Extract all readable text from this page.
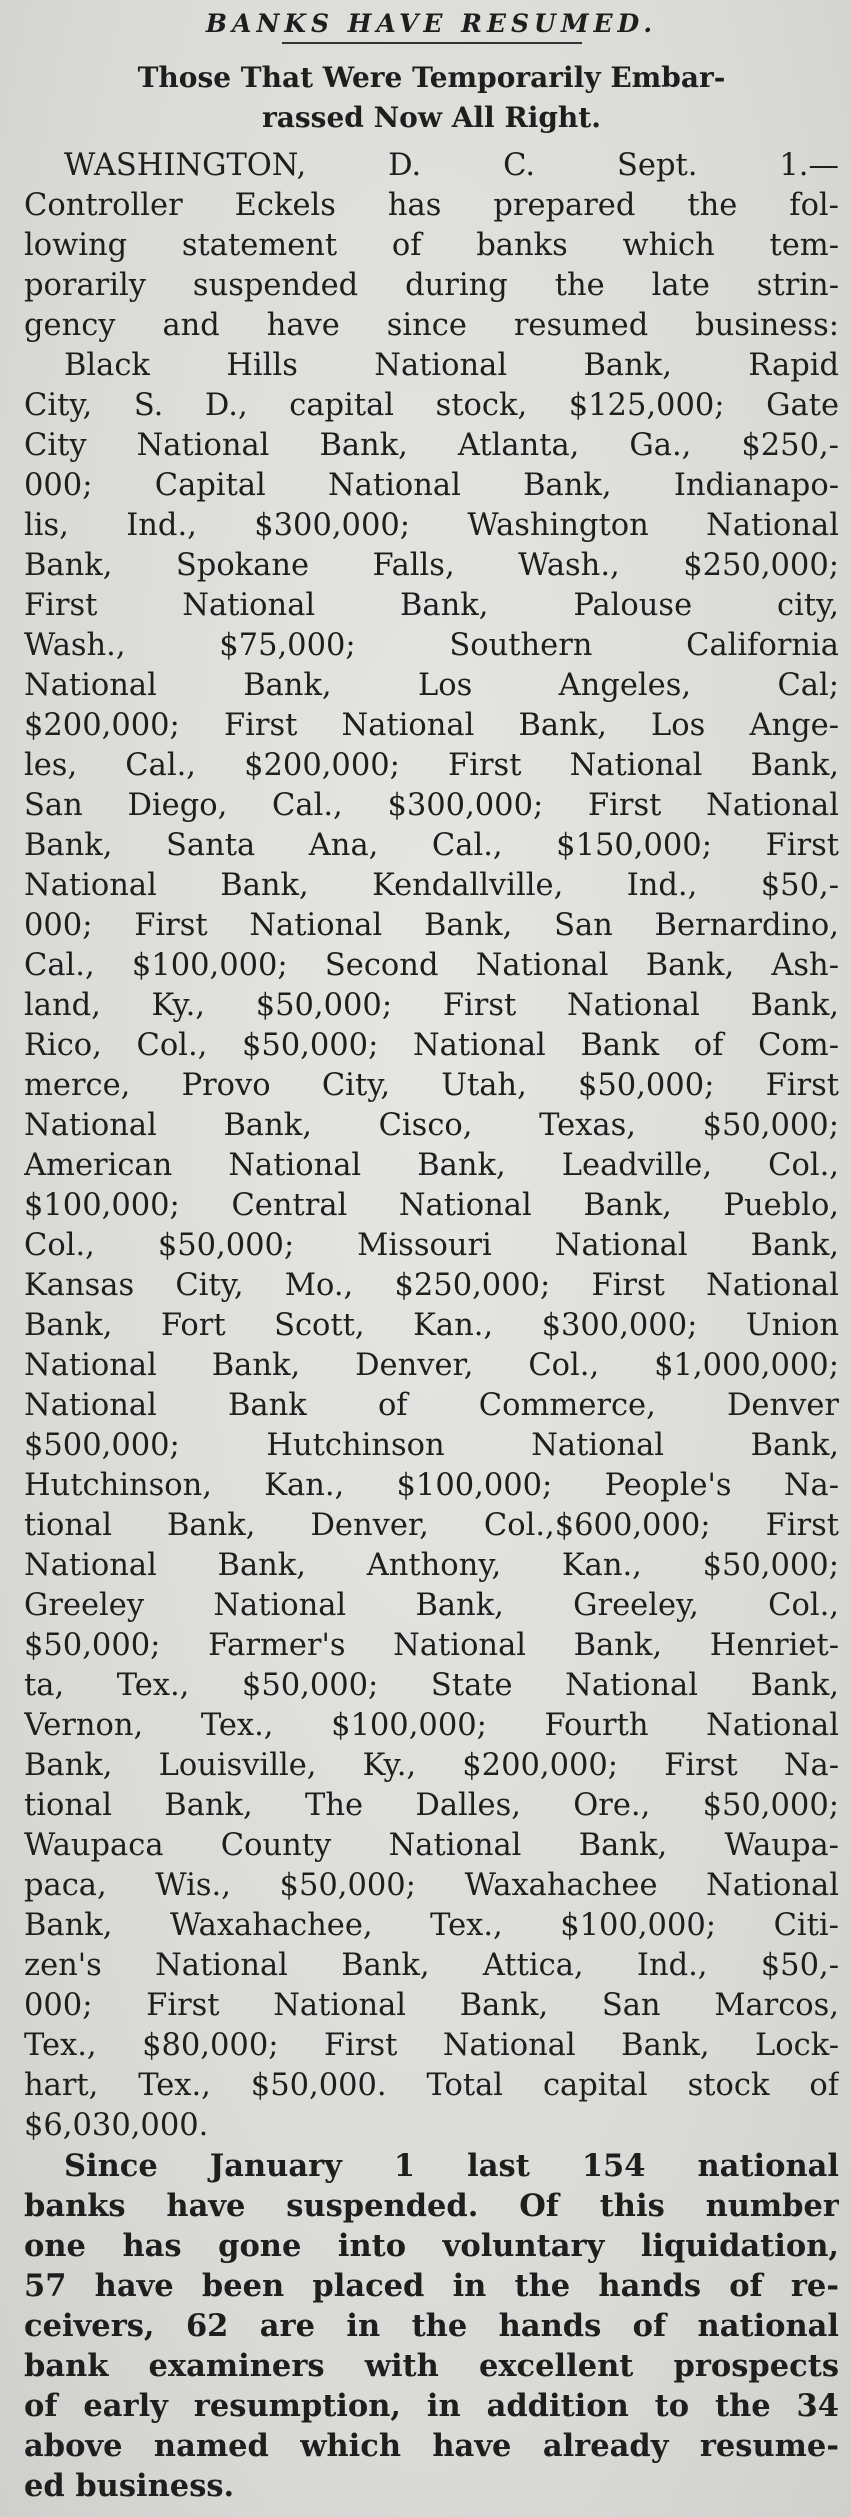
BANKS HAVE RESUMED.
Those That Were Temporarily Embar-
rassed Now All Right.
WASHINGTON, D. C. Sept. 1.—
Controller Eckels has prepared the fol-
lowing statement of banks which tem-
porarily suspended during the late strin-
gency and have since resumed business:
Black Hills National Bank, Rapid
City, S. D., capital stock, $125,000; Gate
City National Bank, Atlanta, Ga., $250,-
000; Capital National Bank, Indianapo-
lis, Ind., $300,000; Washington National
Bank, Spokane Falls, Wash., $250,000;
First National Bank, Palouse city,
Wash., $75,000; Southern California
National Bank, Los Angeles, Cal;
$200,000; First National Bank, Los Ange-
les, Cal., $200,000; First National Bank,
San Diego, Cal., $300,000; First National
Bank, Santa Ana, Cal., $150,000; First
National Bank, Kendallville, Ind., $50,-
000; First National Bank, San Bernardino,
Cal., $100,000; Second National Bank, Ash-
land, Ky., $50,000; First National Bank,
Rico, Col., $50,000; National Bank of Com-
merce, Provo City, Utah, $50,000; First
National Bank, Cisco, Texas, $50,000;
American National Bank, Leadville, Col.,
$100,000; Central National Bank, Pueblo,
Col., $50,000; Missouri National Bank,
Kansas City, Mo., $250,000; First National
Bank, Fort Scott, Kan., $300,000; Union
National Bank, Denver, Col., $1,000,000;
National Bank of Commerce, Denver
$500,000; Hutchinson National Bank,
Hutchinson, Kan., $100,000; People's Na-
tional Bank, Denver, Col.,$600,000; First
National Bank, Anthony, Kan., $50,000;
Greeley National Bank, Greeley, Col.,
$50,000; Farmer's National Bank, Henriet-
ta, Tex., $50,000; State National Bank,
Vernon, Tex., $100,000; Fourth National
Bank, Louisville, Ky., $200,000; First Na-
tional Bank, The Dalles, Ore., $50,000;
Waupaca County National Bank, Waupa-
paca, Wis., $50,000; Waxahachee National
Bank, Waxahachee, Tex., $100,000; Citi-
zen's National Bank, Attica, Ind., $50,-
000; First National Bank, San Marcos,
Tex., $80,000; First National Bank, Lock-
hart, Tex., $50,000. Total capital stock of
$6,030,000.
Since January 1 last 154 national
banks have suspended. Of this number
one has gone into voluntary liquidation,
57 have been placed in the hands of re-
ceivers, 62 are in the hands of national
bank examiners with excellent prospects
of early resumption, in addition to the 34
above named which have already resume-
ed business.
